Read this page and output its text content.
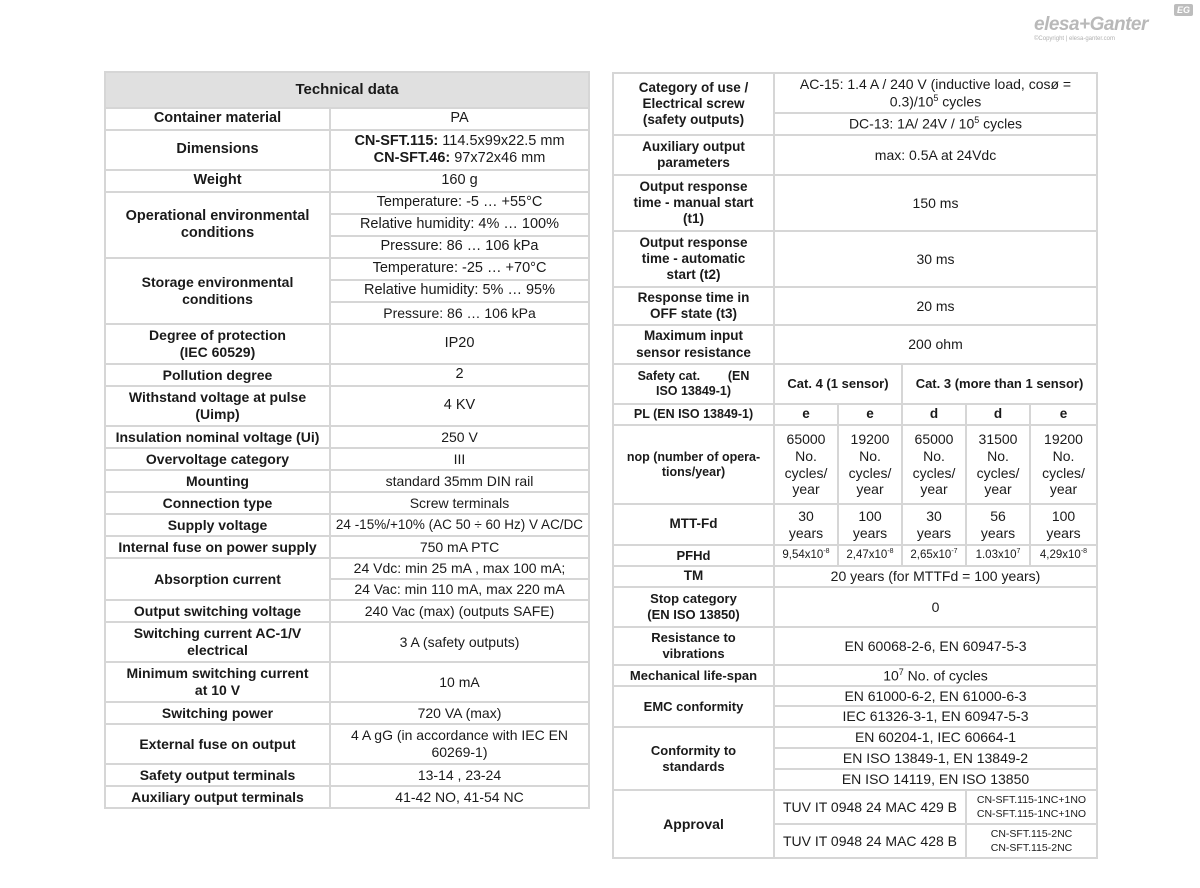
elesa+Ganter
EG
©Copyright | elesa-ganter.com
Technical data	
Container material	PA
Dimensions	CN-SFT.115: 114.5x99x22.5 mm
CN-SFT.46: 97x72x46 mm
Weight	160 g
Operational environmental conditions	Temperature: -5 … +55°C
	Relative humidity: 4% … 100%
	Pressure: 86 … 106 kPa
Storage environmental conditions	Temperature: -25 … +70°C
	Relative humidity: 5% … 95%
	Pressure: 86 … 106 kPa
Degree of protection
(IEC 60529)	IP20
Pollution degree	2
Withstand voltage at pulse
(Uimp)	4 KV
Insulation nominal voltage (Ui)	250 V
Overvoltage category	III
Mounting	standard 35mm DIN rail
Connection type	Screw terminals
Supply voltage	24 -15%/+10% (AC 50 ÷ 60 Hz) V AC/DC
Internal fuse on power supply	750 mA PTC
Absorption current	24 Vdc: min 25 mA , max 100 mA;
	24 Vac: min 110 mA, max 220 mA
Output switching voltage	240 Vac (max) (outputs SAFE)
Switching current AC-1/V
electrical	3 A (safety outputs)
Minimum switching current
at 10 V	10 mA
Switching power	720 VA (max)
External fuse on output	4 A gG (in accordance with IEC EN
60269-1)
Safety output terminals	13-14 , 23-24
Auxiliary output terminals	41-42 NO, 41-54 NC
Category of use /
Electrical screw
(safety outputs)	AC-15: 1.4 A / 240 V (inductive load, cosø =
$0.3)/10^5$ cycles				
	DC-13: 1A/ $24V / 10^5$ cycles				
Auxiliary output
parameters	max: 0.5A at 24Vdc				
Output response
time - manual start
(t1)	150 ms				
Output response
time - automatic
start (t2)	30 ms				
Response time in
OFF state (t3)	20 ms				
Maximum input
sensor resistance	200 ohm				
Safety cat.        (EN
ISO 13849-1)	Cat. 4 (1 sensor)		Cat. 3 (more than 1 sensor)		
PL (EN ISO 13849-1)	e	e	d	d	e
nop (number of opera-
tions/year)	65000
No.
cycles/
year	19200
No.
cycles/
year	65000
No.
cycles/
year	31500
No.
cycles/
year	19200
No.
cycles/
year
MTT-Fd	30
years	100
years	30
years	56
years	100
years
PFHd	$9,54x10^{-8}$	$2,47x10^{-8}$	$2,65x10^{-7}$	$1.03x10^7$	$4,29x10^{-8}$
TM	20 years (for MTTFd = 100 years)				
Stop category
(EN ISO 13850)	0				
Resistance to
vibrations	EN 60068-2-6, EN 60947-5-3				
Mechanical life-span	$10^7$ No. of cycles				
EMC conformity	EN 61000-6-2, EN 61000-6-3				
	IEC 61326-3-1, EN 60947-5-3				
Conformity to
standards	EN 60204-1, IEC 60664-1				
	EN ISO 13849-1, EN 13849-2				
	EN ISO 14119, EN ISO 13850				
Approval	TUV IT 0948 24 MAC 429 B			CN-SFT.115-1NC+1NO
CN-SFT.115-1NC+1NO	
	TUV IT 0948 24 MAC 428 B			CN-SFT.115-2NC
CN-SFT.115-2NC	
